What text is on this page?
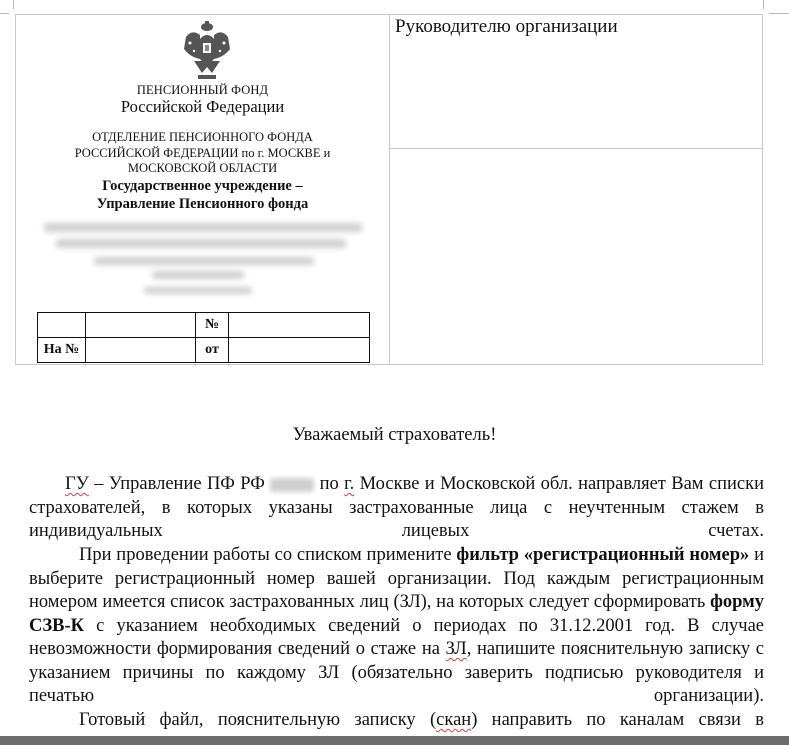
ПЕНСИОННЫЙ ФОНД
Российской Федерации
ОТДЕЛЕНИЕ ПЕНСИОННОГО ФОНДА
РОССИЙСКОЙ ФЕДЕРАЦИИ по г. МОСКВЕ и
МОСКОВСКОЙ ОБЛАСТИ
Государственное учреждение –
Управление Пенсионного фонда
		№	
На №		от	
Руководителю организации
Уважаемый страхователь!
ГУ – Управление ПФ РФ  по г. Москве и Московской обл. направляет Вам списки страхователей, в которых указаны застрахованные лица с неучтенным стажем в индивидуальных лицевых счетах.
При проведении работы со списком примените фильтр «регистрационный номер» и выберите регистрационный номер вашей организации. Под каждым регистрационным номером имеется список застрахованных лиц (ЗЛ), на которых следует сформировать форму СЗВ-К с указанием необходимых сведений о периодах по 31.12.2001 год. В случае невозможности формирования сведений о стаже на ЗЛ, напишите пояснительную записку с указанием причины по каждому ЗЛ (обязательно заверить подписью руководителя и печатью организации).
Готовый файл, пояснительную записку (скан) направить по каналам связи в
